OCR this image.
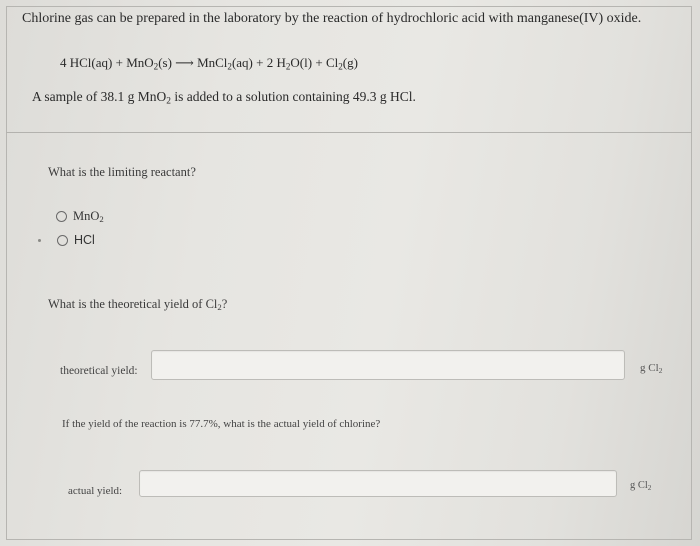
Chlorine gas can be prepared in the laboratory by the reaction of hydrochloric acid with manganese(IV) oxide.
4 HCl(aq) + MnO$_2$(s) ⟶ MnCl$_2$(aq) + 2 $H_2O(l) + Cl_2(g)$
A sample of 38.1 g MnO$_2$ is added to a solution containing 49.3 g HCl.
What is the limiting reactant?
MnO$_2$
HCl
What is the theoretical yield of $Cl_2$?
theoretical yield:	g $Cl_2$
If the yield of the reaction is 77.7%, what is the actual yield of chlorine?
actual yield:	g $Cl_2$
